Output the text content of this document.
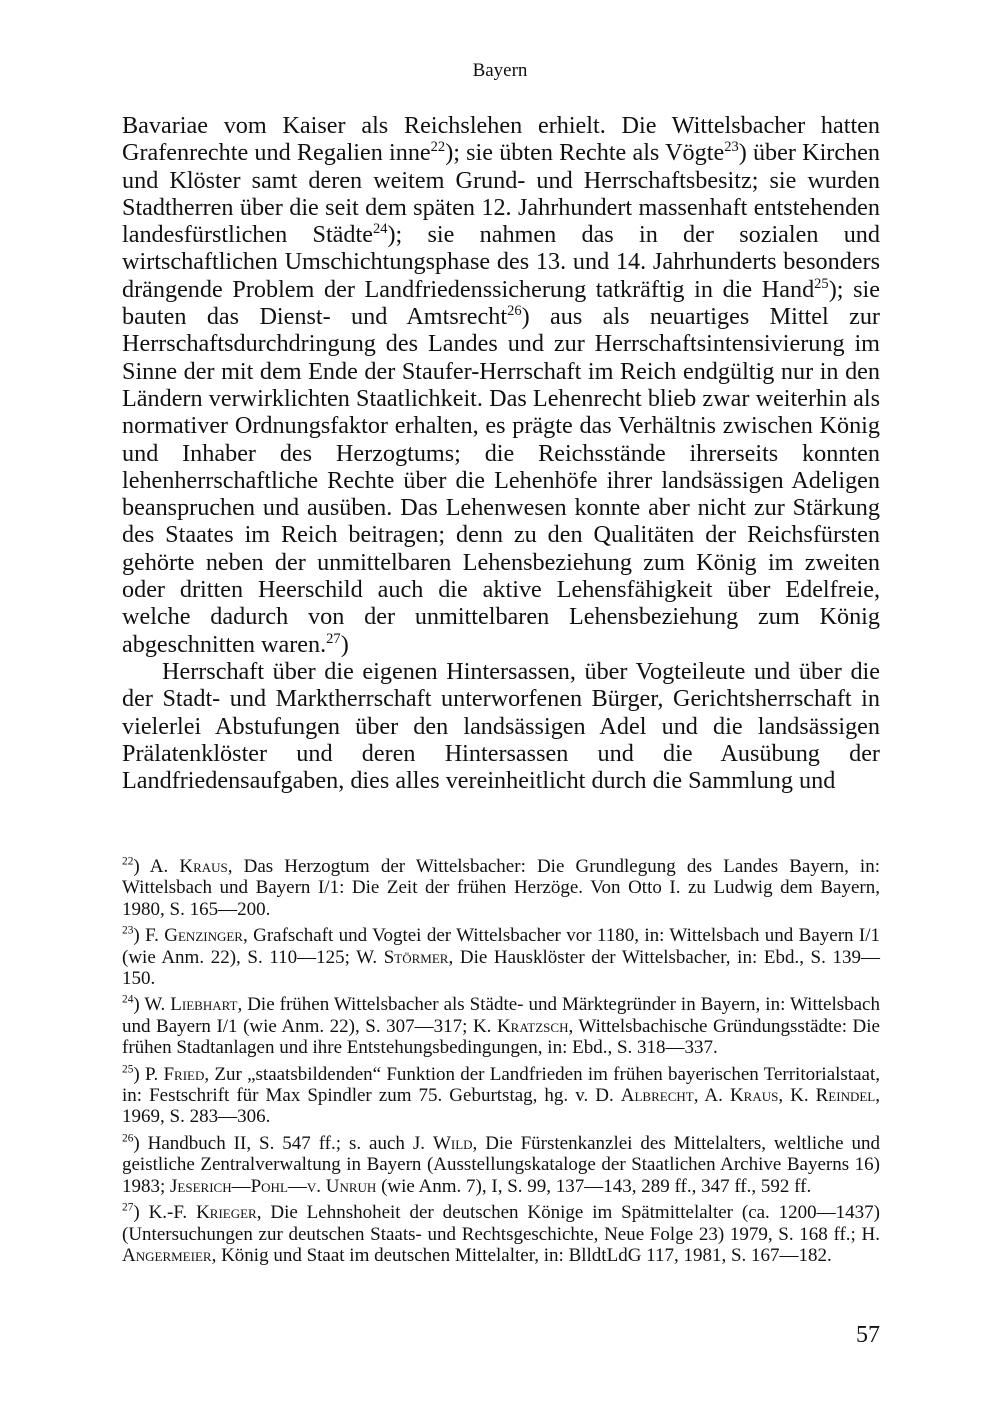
Bayern

Bavariae vom Kaiser als Reichslehen erhielt. Die Wittelsbacher hatten Grafenrechte und Regalien inne$^{22}$); sie übten Rechte als Vögte$^{23}$) über Kirchen und Klöster samt deren weitem Grund- und Herrschaftsbesitz; sie wurden Stadtherren über die seit dem späten 12. Jahrhundert massenhaft entstehenden landesfürstlichen Städte$^{24}$); sie nahmen das in der sozialen und wirtschaftlichen Umschichtungsphase des 13. und 14. Jahrhunderts besonders drängende Problem der Landfriedenssicherung tatkräftig in die Hand$^{25}$); sie bauten das Dienst- und Amtsrecht$^{26}$) aus als neuartiges Mittel zur Herrschaftsdurchdringung des Landes und zur Herrschaftsintensivierung im Sinne der mit dem Ende der Staufer-Herrschaft im Reich endgültig nur in den Ländern verwirklichten Staatlichkeit. Das Lehenrecht blieb zwar weiterhin als normativer Ordnungsfaktor erhalten, es prägte das Verhältnis zwischen König und Inhaber des Herzogtums; die Reichsstände ihrerseits konnten lehenherrschaftliche Rechte über die Lehenhöfe ihrer landsässigen Adeligen beanspruchen und ausüben. Das Lehenwesen konnte aber nicht zur Stärkung des Staates im Reich beitragen; denn zu den Qualitäten der Reichsfürsten gehörte neben der unmittelbaren Lehensbeziehung zum König im zweiten oder dritten Heerschild auch die aktive Lehensfähigkeit über Edelfreie, welche dadurch von der unmittelbaren Lehensbeziehung zum König abgeschnitten waren.$^{27}$)

Herrschaft über die eigenen Hintersassen, über Vogteileute und über die der Stadt- und Marktherrschaft unterworfenen Bürger, Gerichtsherrschaft in vielerlei Abstufungen über den landsässigen Adel und die landsässigen Prälatenklöster und deren Hintersassen und die Ausübung der Landfriedensaufgaben, dies alles vereinheitlicht durch die Sammlung und

$^{22}$) A. Kraus, Das Herzogtum der Wittelsbacher: Die Grundlegung des Landes Bayern, in: Wittelsbach und Bayern I/1: Die Zeit der frühen Herzöge. Von Otto I. zu Ludwig dem Bayern, 1980, S. 165—200.

$^{23}$) F. Genzinger, Grafschaft und Vogtei der Wittelsbacher vor 1180, in: Wittelsbach und Bayern I/1 (wie Anm. 22), S. 110—125; W. Störmer, Die Hausklöster der Wittelsbacher, in: Ebd., S. 139—150.

$^{24}$) W. Liebhart, Die frühen Wittelsbacher als Städte- und Märktegründer in Bayern, in: Wittelsbach und Bayern I/1 (wie Anm. 22), S. 307—317; K. Kratzsch, Wittelsbachische Gründungsstädte: Die frühen Stadtanlagen und ihre Entstehungsbedingungen, in: Ebd., S. 318—337.

$^{25}$) P. Fried, Zur „staatsbildenden“ Funktion der Landfrieden im frühen bayerischen Territorialstaat, in: Festschrift für Max Spindler zum 75. Geburtstag, hg. v. D. Albrecht, A. Kraus, K. Reindel, 1969, S. 283—306.

$^{26}$) Handbuch II, S. 547 ff.; s. auch J. Wild, Die Fürstenkanzlei des Mittelalters, weltliche und geistliche Zentralverwaltung in Bayern (Ausstellungskataloge der Staatlichen Archive Bayerns 16) 1983; Jeserich—Pohl—v. Unruh (wie Anm. 7), I, S. 99, 137—143, 289 ff., 347 ff., 592 ff.

$^{27}$) K.-F. Krieger, Die Lehnshoheit der deutschen Könige im Spätmittelalter (ca. 1200—1437) (Untersuchungen zur deutschen Staats- und Rechtsgeschichte, Neue Folge 23) 1979, S. 168 ff.; H. Angermeier, König und Staat im deutschen Mittelalter, in: BlldtLdG 117, 1981, S. 167—182.

57
